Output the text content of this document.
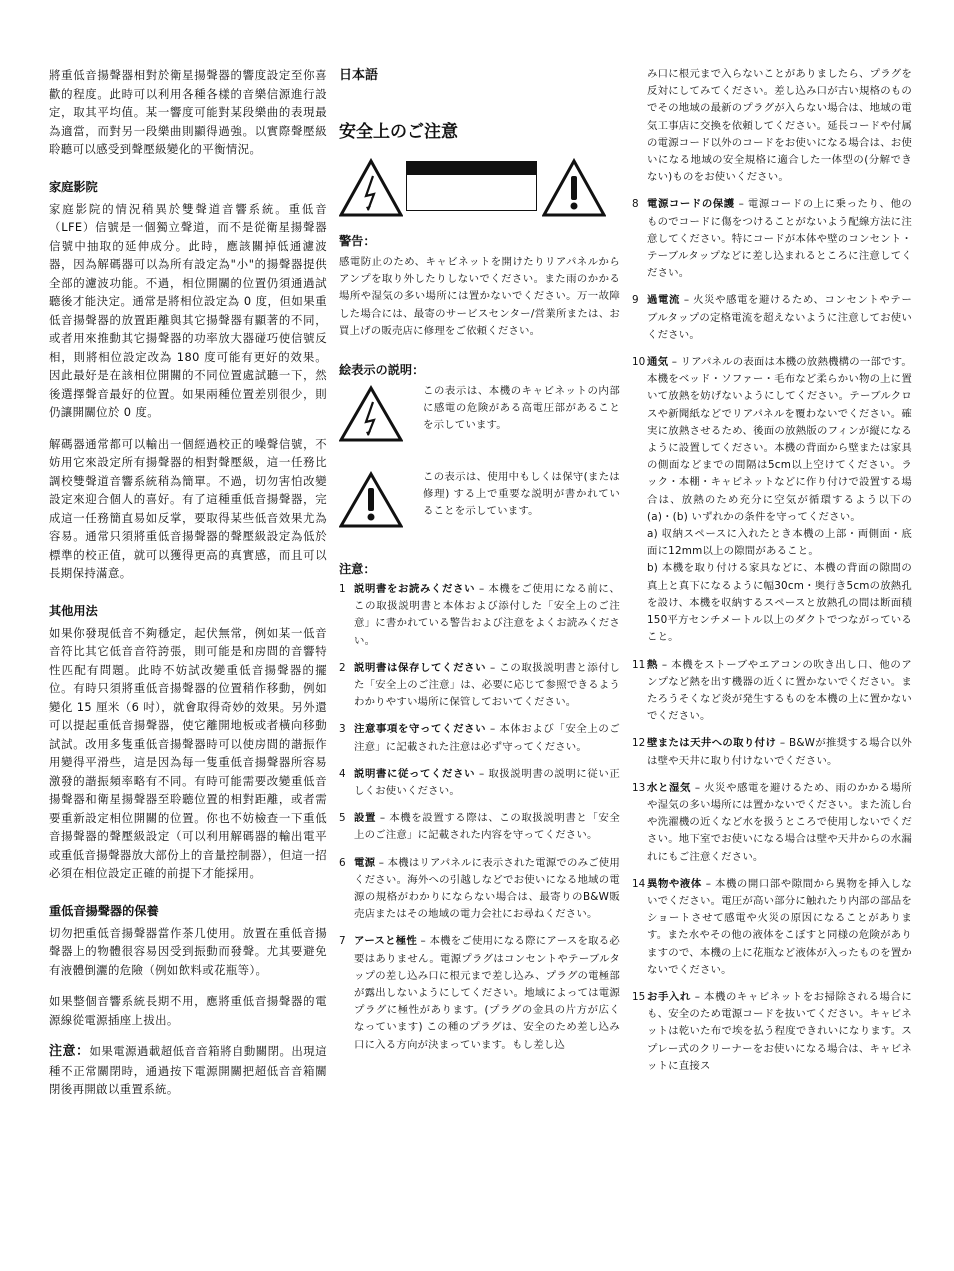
將重低音揚聲器相對於衛星揚聲器的響度設定至你喜歡的程度。此時可以利用各種各樣的音樂信源進行設定，取其平均值。某一響度可能對某段樂曲的表現最為適當，而對另一段樂曲則顯得過強。以實際聲壓級聆聽可以感受到聲壓級變化的平衡情況。

家庭影院

家庭影院的情況稍異於雙聲道音響系統。重低音（LFE）信號是一個獨立聲道，而不是從衛星揚聲器信號中抽取的延伸成分。此時，應該關掉低通濾波器，因為解碼器可以為所有設定為"小"的揚聲器提供全部的濾波功能。不過，相位開關的位置仍須通過試聽後才能決定。通常是將相位設定為 0 度，但如果重低音揚聲器的放置距離與其它揚聲器有顯著的不同，或者用來推動其它揚聲器的功率放大器碰巧使信號反相，則將相位設定改為 180 度可能有更好的效果。因此最好是在該相位開關的不同位置處試聽一下，然後選擇聲音最好的位置。如果兩種位置差別很少，則仍讓開關位於 0 度。

解碼器通常都可以輸出一個經過校正的噪聲信號，不妨用它來設定所有揚聲器的相對聲壓級，這一任務比調校雙聲道音響系統稍為簡單。不過，切勿害怕改變設定來迎合個人的喜好。有了這種重低音揚聲器，完成這一任務簡直易如反掌，要取得某些低音效果尤為容易。通常只須將重低音揚聲器的聲壓級設定為低於標準的校正值，就可以獲得更高的真實感，而且可以長期保持滿意。

其他用法

如果你發現低音不夠穩定，起伏無常，例如某一低音音符比其它低音音符誇張，則可能是和房間的音響特性匹配有問題。此時不妨試改變重低音揚聲器的擺位。有時只須將重低音揚聲器的位置稍作移動，例如變化 15 厘米（6 吋），就會取得奇妙的效果。另外還可以提起重低音揚聲器，使它離開地板或者橫向移動試試。改用多隻重低音揚聲器時可以使房間的諧振作用變得平滑些，這是因為每一隻重低音揚聲器所容易激發的諧振頻率略有不同。有時可能需要改變重低音揚聲器和衛星揚聲器至聆聽位置的相對距離，或者需要重新設定相位開關的位置。你也不妨檢查一下重低音揚聲器的聲壓級設定（可以利用解碼器的輸出電平或重低音揚聲器放大部份上的音量控制器），但這一招必須在相位設定正確的前提下才能採用。

重低音揚聲器的保養

切勿把重低音揚聲器當作茶几使用。放置在重低音揚聲器上的物體很容易因受到振動而發聲。尤其要避免有液體倒灑的危險（例如飲料或花瓶等）。

如果整個音響系統長期不用，應將重低音揚聲器的電源線從電源插座上拔出。

注意：如果電源過載超低音音箱將自動關閉。出現這種不正常關閉時，通過按下電源開關把超低音音箱關閉後再開啟以重置系統。

日本語
安全上のご注意
警告：

感電防止のため、キャビネットを開けたりリアパネルからアンプを取り外したりしないでください。また雨のかかる場所や湿気の多い場所には置かないでください。万一故障した場合には、最寄のサービスセンター/営業所または、お買上げの販売店に修理をご依頼ください。

絵表示の説明：

この表示は、本機のキャビネットの内部に感電の危険がある高電圧部があることを示しています。

この表示は、使用中もしくは保守(または修理) する上で重要な説明が書かれていることを示しています。

注意：
1 説明書をお読みください – 本機をご使用になる前に、この取扱説明書と本体および添付した「安全上のご注意」に書かれている警告および注意をよくお読みください。

2 説明書は保存してください – この取扱説明書と添付した「安全上のご注意」は、必要に応じて参照できるようわかりやすい場所に保管しておいてください。

3 注意事項を守ってください – 本体および「安全上のご注意」に記載された注意は必ず守ってください。

4 説明書に従ってください – 取扱説明書の説明に従い正しくお使いください。

5 設置 – 本機を設置する際は、この取扱説明書と「安全上のご注意」に記載された内容を守ってください。

6 電源 – 本機はリアパネルに表示された電源でのみご使用ください。海外への引越しなどでお使いになる地域の電源の規格がわかりにならない場合は、最寄りのB&W販売店またはその地域の電力会社にお尋ねください。

7 アースと極性 – 本機をご使用になる際にアースを取る必要はありません。電源プラグはコンセントやテーブルタップの差し込み口に根元まで差し込み、プラグの電極部が露出しないようにしてください。地域によっては電源プラグに極性があります。(プラグの金具の片方が広くなっています) この種のプラグは、安全のため差し込み口に入る方向が決まっています。もし差し込

み口に根元まで入らないことがありましたら、プラグを反対にしてみてください。差し込み口が古い規格のものでその地域の最新のプラグが入らない場合は、地域の電気工事店に交換を依頼してください。延長コードや付属の電源コード以外のコードをお使いになる場合は、お使いになる地域の安全規格に適合した一体型の(分解できない)ものをお使いください。

8 電源コードの保護 – 電源コードの上に乗ったり、他のものでコードに傷をつけることがないよう配線方法に注意してください。特にコードが本体や壁のコンセント・テーブルタップなどに差し込まれるところに注意してください。

9 過電流 – 火災や感電を避けるため、コンセントやテーブルタップの定格電流を超えないように注意してお使いください。

10 通気 – リアパネルの表面は本機の放熱機構の一部です。本機をベッド・ソファー・毛布など柔らかい物の上に置いて放熱を妨げないようにしてください。テーブルクロスや新聞紙などでリアパネルを覆わないでください。確実に放熱させるため、後面の放熱版のフィンが縦になるように設置してください。本機の背面から壁または家具の側面などまでの間隔は5cm以上空けてください。ラック・本棚・キャビネットなどに作り付けで設置する場合は、放熱のため充分に空気が循環するよう以下の (a)・(b) いずれかの条件を守ってください。

a) 収納スペースに入れたとき本機の上部・両側面・底面に12mm以上の隙間があること。

b) 本機を取り付ける家具などに、本機の背面の隙間の真上と真下になるように幅30cm・奥行き5cmの放熱孔を設け、本機を収納するスペースと放熱孔の間は断面積150平方センチメートル以上のダクトでつながっていること。

11 熱 – 本機をストーブやエアコンの吹き出し口、他のアンプなど熱を出す機器の近くに置かないでください。またろうそくなど炎が発生するものを本機の上に置かないでください。

12 壁または天井への取り付け – B&Wが推奨する場合以外は壁や天井に取り付けないでください。

13 水と湿気 – 火災や感電を避けるため、雨のかかる場所や湿気の多い場所には置かないでください。また流し台や洗濯機の近くなど水を扱うところで使用しないでください。地下室でお使いになる場合は壁や天井からの水漏れにもご注意ください。

14 異物や液体 – 本機の開口部や隙間から異物を挿入しないでください。電圧が高い部分に触れたり内部の部品をショートさせて感電や火災の原因になることがあります。また水やその他の液体をこぼすと同様の危険がありますので、本機の上に花瓶など液体が入ったものを置かないでください。

15 お手入れ – 本機のキャビネットをお掃除される場合にも、安全のため電源コードを抜いてください。キャビネットは乾いた布で埃を払う程度できれいになります。スプレー式のクリーナーをお使いになる場合は、キャビネットに直接ス
